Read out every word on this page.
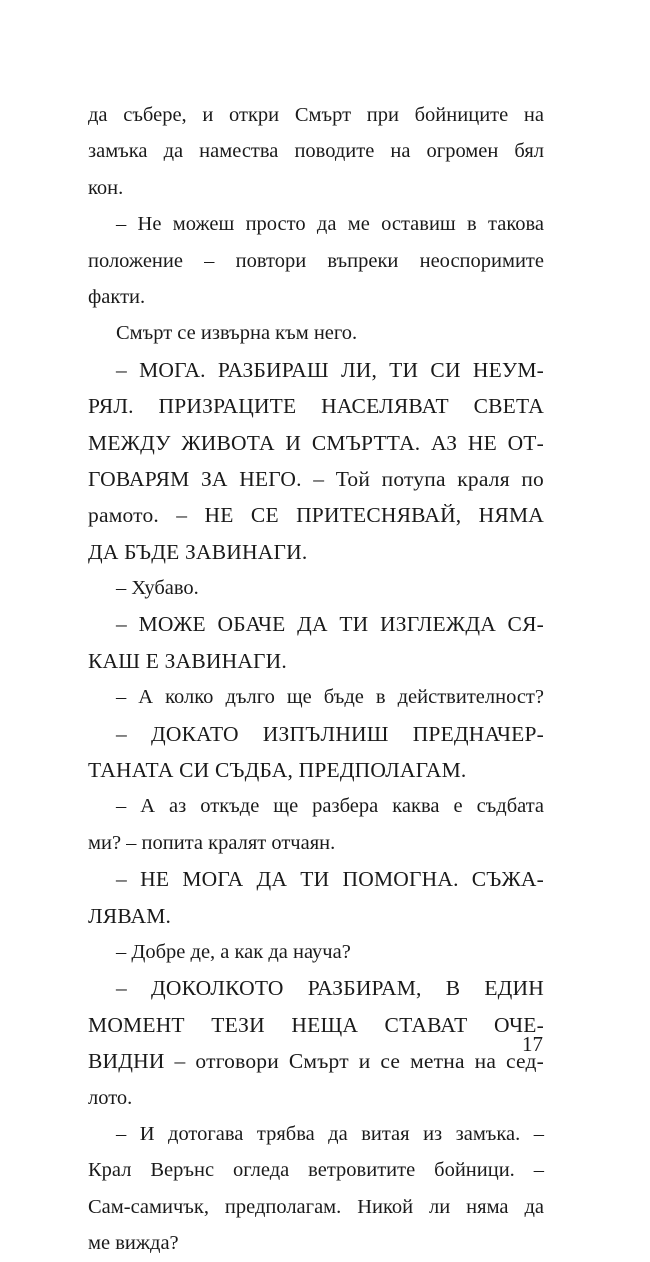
да събере, и откри Смърт при бойниците на
замъка да намества поводите на огромен бял
кон.
– Не можеш просто да ме оставиш в такова
положение – повтори въпреки неоспоримите
факти.
Смърт се извърна към него.
– МОГА. РАЗБИРАШ ЛИ, ТИ СИ НЕУМ-
РЯЛ. ПРИЗРАЦИТЕ НАСЕЛЯВАТ СВЕТА
МЕЖДУ ЖИВОТА И СМЪРТТА. АЗ НЕ ОТ-
ГОВАРЯМ ЗА НЕГО. – Той потупа краля по
рамото. – НЕ СЕ ПРИТЕСНЯВАЙ, НЯМА
ДА БЪДЕ ЗАВИНАГИ.
– Хубаво.
– МОЖЕ ОБАЧЕ ДА ТИ ИЗГЛЕЖДА СЯ-
КАШ Е ЗАВИНАГИ.
– А колко дълго ще бъде в действителност?
– ДОКАТО ИЗПЪЛНИШ ПРЕДНАЧЕР-
ТАНАТА СИ СЪДБА, ПРЕДПОЛАГАМ.
– А аз откъде ще разбера каква е съдбата
ми? – попита кралят отчаян.
– НЕ МОГА ДА ТИ ПОМОГНА. СЪЖА-
ЛЯВАМ.
– Добре де, а как да науча?
– ДОКОЛКОТО РАЗБИРАМ, В ЕДИН
МОМЕНТ ТЕЗИ НЕЩА СТАВАТ ОЧЕ-
ВИДНИ – отговори Смърт и се метна на сед-
лото.
– И дотогава трябва да витая из замъка. –
Крал Верънс огледа ветровитите бойници. –
Сам-самичък, предполагам. Никой ли няма да
ме вижда?
17
